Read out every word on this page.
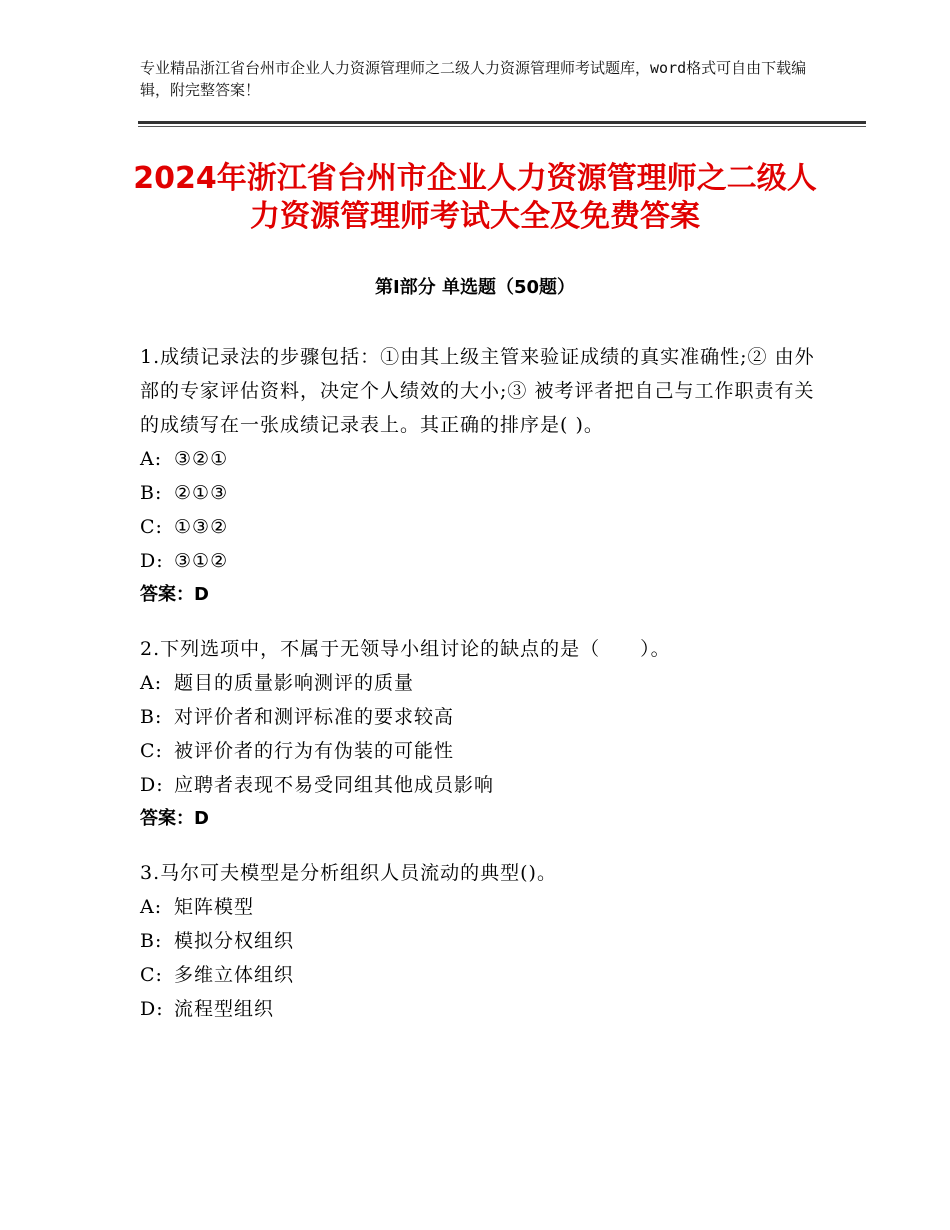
专业精品浙江省台州市企业人力资源管理师之二级人力资源管理师考试题库，word格式可自由下载编辑，附完整答案！
2024年浙江省台州市企业人力资源管理师之二级人力资源管理师考试大全及免费答案
第Ⅰ部分 单选题（50题）
1.成绩记录法的步骤包括：①由其上级主管来验证成绩的真实准确性;② 由外部的专家评估资料，决定个人绩效的大小;③ 被考评者把自己与工作职责有关的成绩写在一张成绩记录表上。其正确的排序是( )。
A: ③②①
B: ②①③
C: ①③②
D: ③①②
答案：D
2.下列选项中，不属于无领导小组讨论的缺点的是（　　）。
A: 题目的质量影响测评的质量
B: 对评价者和测评标准的要求较高
C: 被评价者的行为有伪装的可能性
D: 应聘者表现不易受同组其他成员影响
答案：D
3.马尔可夫模型是分析组织人员流动的典型()。
A: 矩阵模型
B: 模拟分权组织
C: 多维立体组织
D: 流程型组织
